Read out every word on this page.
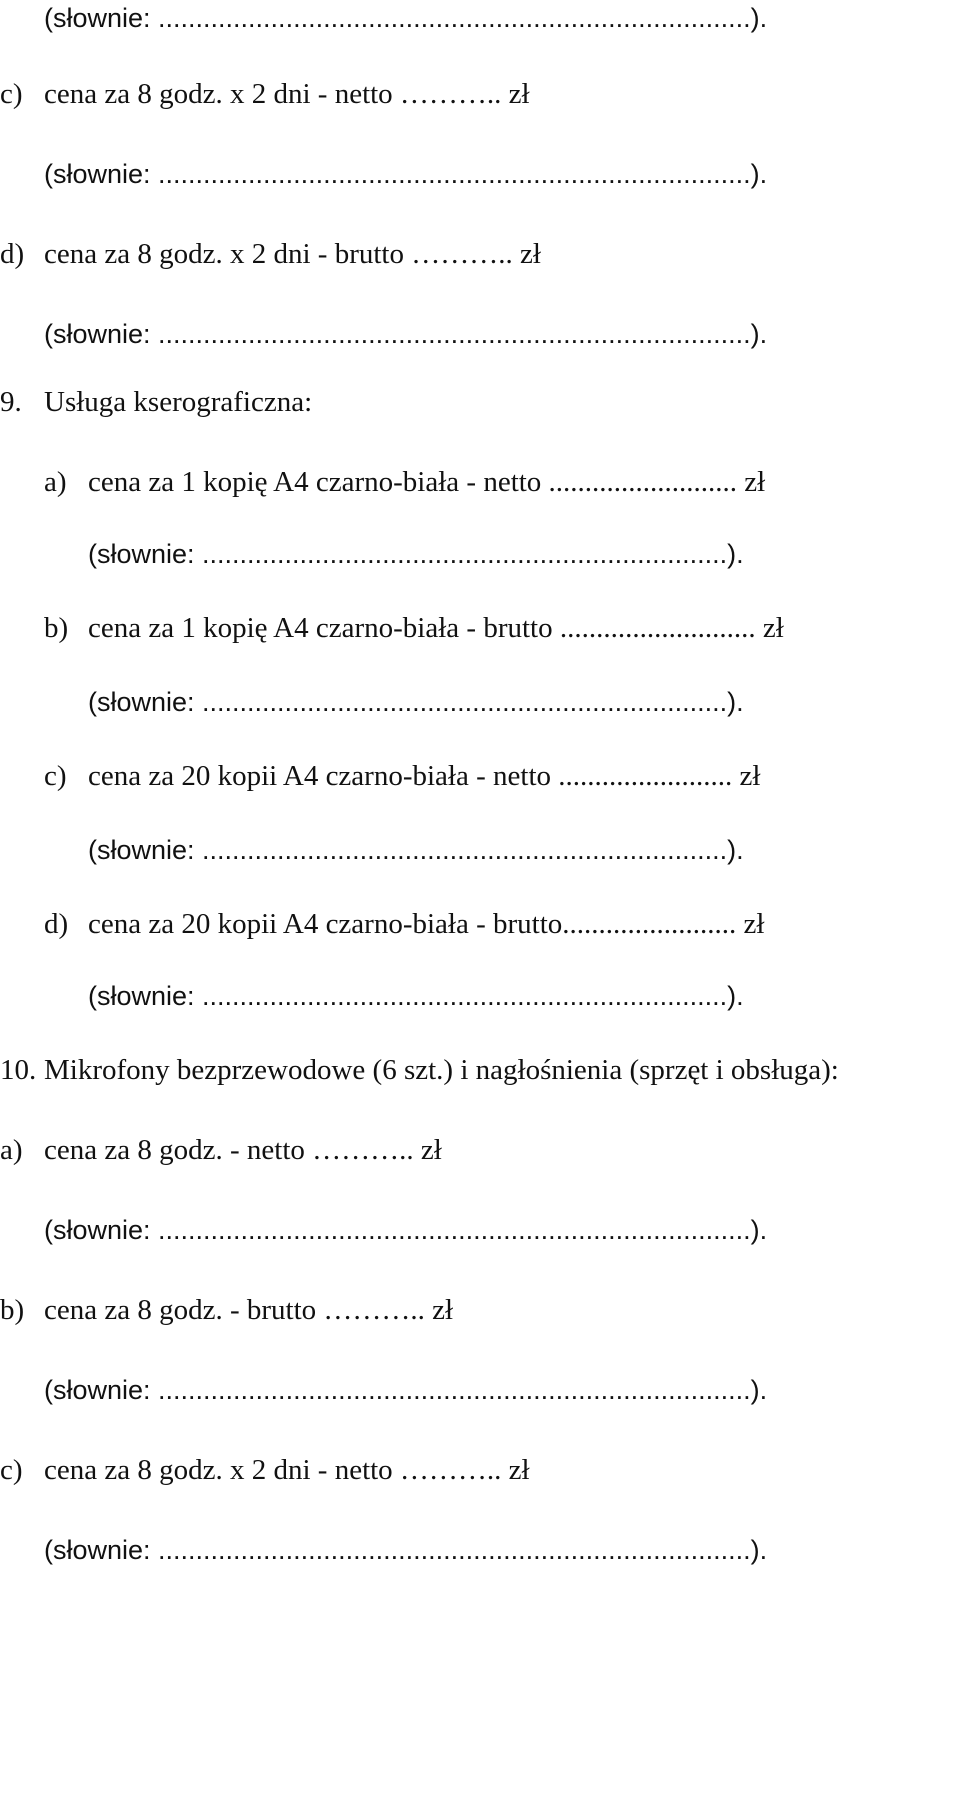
(słownie: ...............................................................................).
c) cena za 8 godz. x 2 dni - netto ……….. zł
(słownie: ...............................................................................).
d) cena za 8 godz. x 2 dni - brutto ……….. zł
(słownie: ...............................................................................).
9. Usługa kserograficzna:
a) cena za 1 kopię A4 czarno-biała - netto .......................... zł
(słownie: ......................................................................).
b) cena za 1 kopię A4 czarno-biała - brutto ........................... zł
(słownie: ......................................................................).
c) cena za 20 kopii A4 czarno-biała - netto ........................ zł
(słownie: ......................................................................).
d) cena za 20 kopii A4 czarno-biała - brutto........................ zł
(słownie: ......................................................................).
10. Mikrofony bezprzewodowe (6 szt.) i nagłośnienia (sprzęt i obsługa):
a) cena za 8 godz. - netto ……….. zł
(słownie: ...............................................................................).
b) cena za 8 godz. - brutto ……….. zł
(słownie: ...............................................................................).
c) cena za 8 godz. x 2 dni - netto ……….. zł
(słownie: ...............................................................................).
